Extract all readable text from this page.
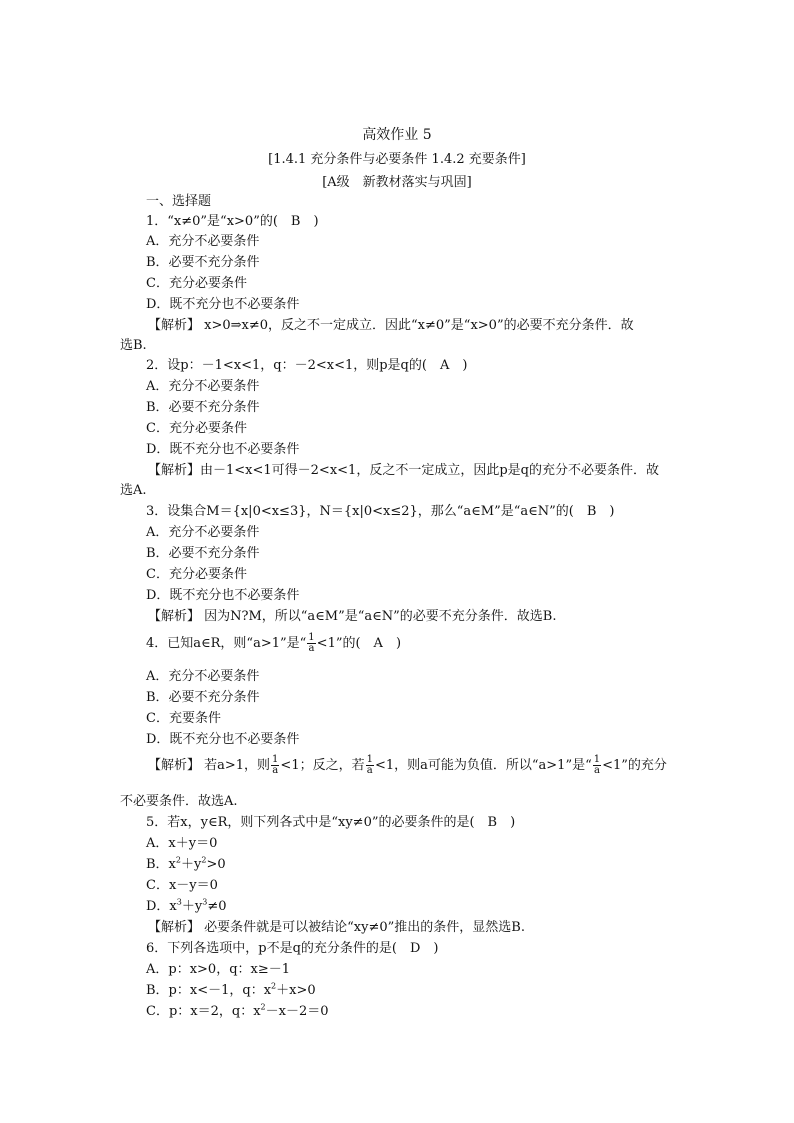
高效作业 5
[1.4.1 充分条件与必要条件 1.4.2 充要条件]
[A级　新教材落实与巩固]
一、选择题
1．“x≠0”是“x>0”的(　B　)
A．充分不必要条件
B．必要不充分条件
C．充分必要条件
D．既不充分也不必要条件
【解析】 x>0⇒x≠0，反之不一定成立．因此“x≠0”是“x>0”的必要不充分条件．故
选B.
2．设p：－1<x<1，q：－2<x<1，则p是q的(　A　)
A．充分不必要条件
B．必要不充分条件
C．充分必要条件
D．既不充分也不必要条件
【解析】由－1<x<1可得－2<x<1，反之不一定成立，因此p是q的充分不必要条件．故
选A.
3．设集合M＝{x|0<x≤3}，N＝{x|0<x≤2}，那么“a∈M”是“a∈N”的(　B　)
A．充分不必要条件
B．必要不充分条件
C．充分必要条件
D．既不充分也不必要条件
【解析】 因为N?M，所以“a∈M”是“a∈N”的必要不充分条件．故选B.
4．已知a∈R，则“a>1”是“ $\frac{1}{a} <1$”的(　A　)
A．充分不必要条件
B．必要不充分条件
C．充要条件
D．既不充分也不必要条件
【解析】 若a>1，则 $\frac{1}{a} <1$；反之，若 $\frac{1}{a} <1$，则a可能为负值．所以“a>1”是“ $\frac{1}{a} <1$”的充分
不必要条件．故选A.
5．若x，y∈R，则下列各式中是“xy≠0”的必要条件的是(　B　)
A．x＋y＝0
B．$x^2+y^2>0$
C．x－y＝0
D．$x^3+y^3\ne 0$
【解析】 必要条件就是可以被结论“xy≠0”推出的条件，显然选B.
6．下列各选项中，p不是q的充分条件的是(　D　)
A．p：x>0，q：x≥－1
B．p：x<－1，q：$x^2+x>0$
C．p：x＝2，q：$x^2-x-2=0$
